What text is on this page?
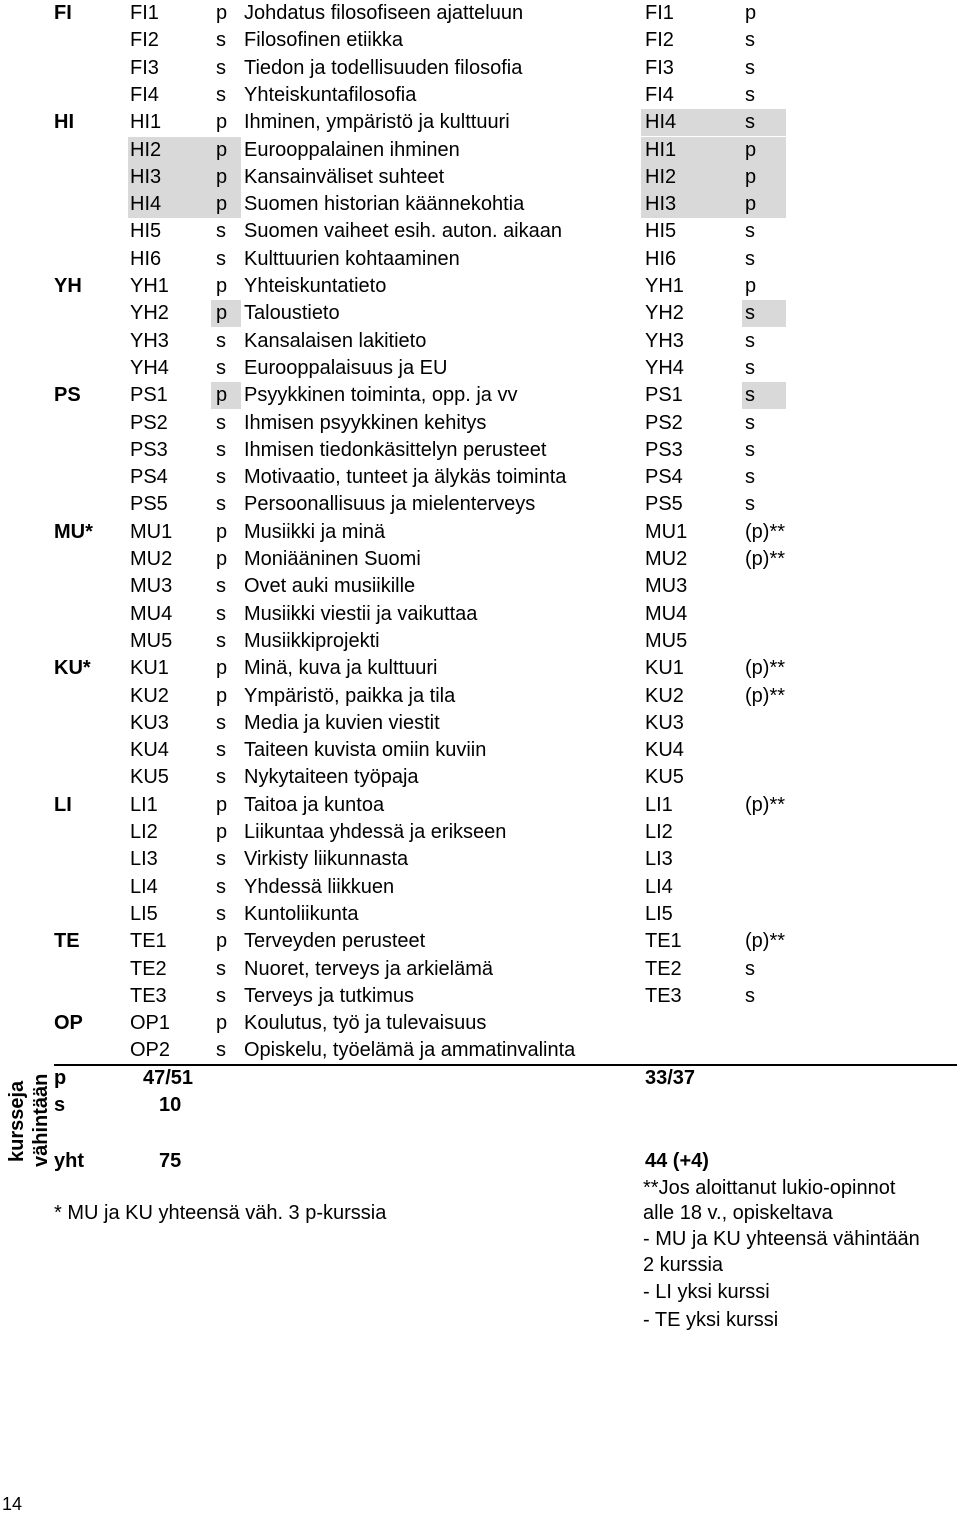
FI	FI1	p Johdatus filosofiseen ajatteluun	FI1	p
FI2	s Filosofinen etiikka	FI2	s
FI3	s Tiedon ja todellisuuden filosofia	FI3	s
FI4	s Yhteiskuntafilosofia	FI4	s
HI	HI1	p Ihminen, ympäristö ja kulttuuri	HI4	s
HI2	p Eurooppalainen ihminen	HI1	p
HI3	p Kansainväliset suhteet	HI2	p
HI4	p Suomen historian käännekohtia	HI3	p
HI5	s Suomen vaiheet esih. auton. aikaan	HI5	s
HI6	s Kulttuurien kohtaaminen	HI6	s
YH YH1	p Yhteiskuntatieto	YH1	p
YH2	p Taloustieto	YH2	s
YH3	s Kansalaisen lakitieto	YH3	s
YH4	s Eurooppalaisuus ja EU	YH4	s
PS PS1	p Psyykkinen toiminta, opp. ja vv	PS1	s
PS2	s Ihmisen psyykkinen kehitys	PS2	s
PS3	s Ihmisen tiedonkäsittelyn perusteet	PS3	s
PS4	s Motivaatio, tunteet ja älykäs toiminta	PS4	s
PS5	s Persoonallisuus ja mielenterveys	PS5	s
MU* MU1	p Musiikki ja minä	MU1	(p)**
MU2	p Moniääninen Suomi	MU2	(p)**
MU3	s Ovet auki musiikille	MU3
MU4	s Musiikki viestii ja vaikuttaa	MU4
MU5	s Musiikkiprojekti	MU5
KU* KU1	p Minä, kuva ja kulttuuri	KU1	(p)**
KU2	p Ympäristö, paikka ja tila	KU2	(p)**
KU3	s Media ja kuvien viestit	KU3
KU4	s Taiteen kuvista omiin kuviin	KU4
KU5	s Nykytaiteen työpaja	KU5
LI	LI1	p Taitoa ja kuntoa	LI1	(p)**
LI2	p Liikuntaa yhdessä ja erikseen	LI2
LI3	s Virkisty liikunnasta	LI3
LI4	s Yhdessä liikkuen	LI4
LI5	s Kuntoliikunta	LI5
TE	TE1	p Terveyden perusteet	TE1	(p)**
TE2	s Nuoret, terveys ja arkielämä	TE2	s
TE3	s Terveys ja tutkimus	TE3	s
OP OP1	p Koulutus, työ ja tulevaisuus
OP2	s Opiskelu, työelämä ja ammatinvalinta
kursseja vähintään p	47/51	33/37
s	10
yht	75	44 (+4)
* MU ja KU yhteensä väh. 3 p-kurssia
**Jos aloittanut lukio-opinnot
alle 18 v., opiskeltava
- MU ja KU yhteensä vähintään
2 kurssia
- LI yksi kurssi
- TE yksi kurssi
14
